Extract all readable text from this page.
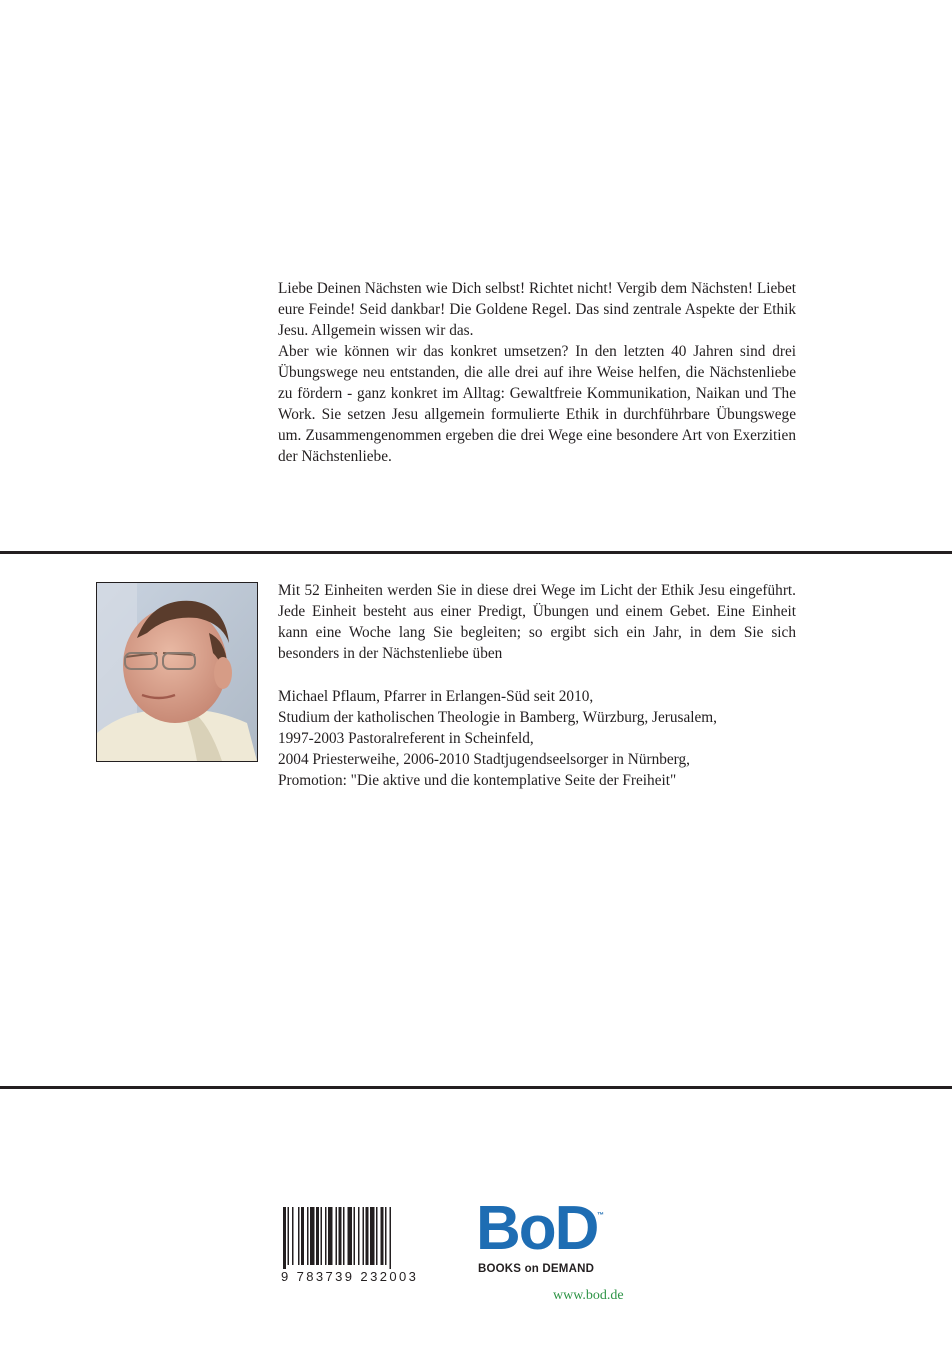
Liebe Deinen Nächsten wie Dich selbst! Richtet nicht! Vergib dem Nächsten! Liebet eure Feinde! Seid dankbar! Die Goldene Regel. Das sind zentrale Aspekte der Ethik Jesu. Allgemein wissen wir das.

Aber wie können wir das konkret umsetzen? In den letzten 40 Jahren sind drei Übungswege neu entstanden, die alle drei auf ihre Weise helfen, die Nächstenliebe zu fördern - ganz konkret im Alltag: Gewaltfreie Kommunikation, Naikan und The Work. Sie setzen Jesu allgemein formulierte Ethik in durchführbare Übungswege um. Zusammengenommen ergeben die drei Wege eine besondere Art von Exerzitien der Nächstenliebe.

Mit 52 Einheiten werden Sie in diese drei Wege im Licht der Ethik Jesu eingeführt. Jede Einheit besteht aus einer Predigt, Übungen und einem Gebet. Eine Einheit kann eine Woche lang Sie begleiten; so ergibt sich ein Jahr, in dem Sie sich besonders in der Nächstenliebe üben

Michael Pflaum, Pfarrer in Erlangen-Süd seit 2010,
Studium der katholischen Theologie in Bamberg, Würzburg, Jerusalem,
1997-2003 Pastoralreferent in Scheinfeld,
2004 Priesterweihe, 2006-2010 Stadtjugendseelsorger in Nürnberg,
Promotion: "Die aktive und die kontemplative Seite der Freiheit"
9 783739 232003
BoD ™
BOOKS on DEMAND
www.bod.de
